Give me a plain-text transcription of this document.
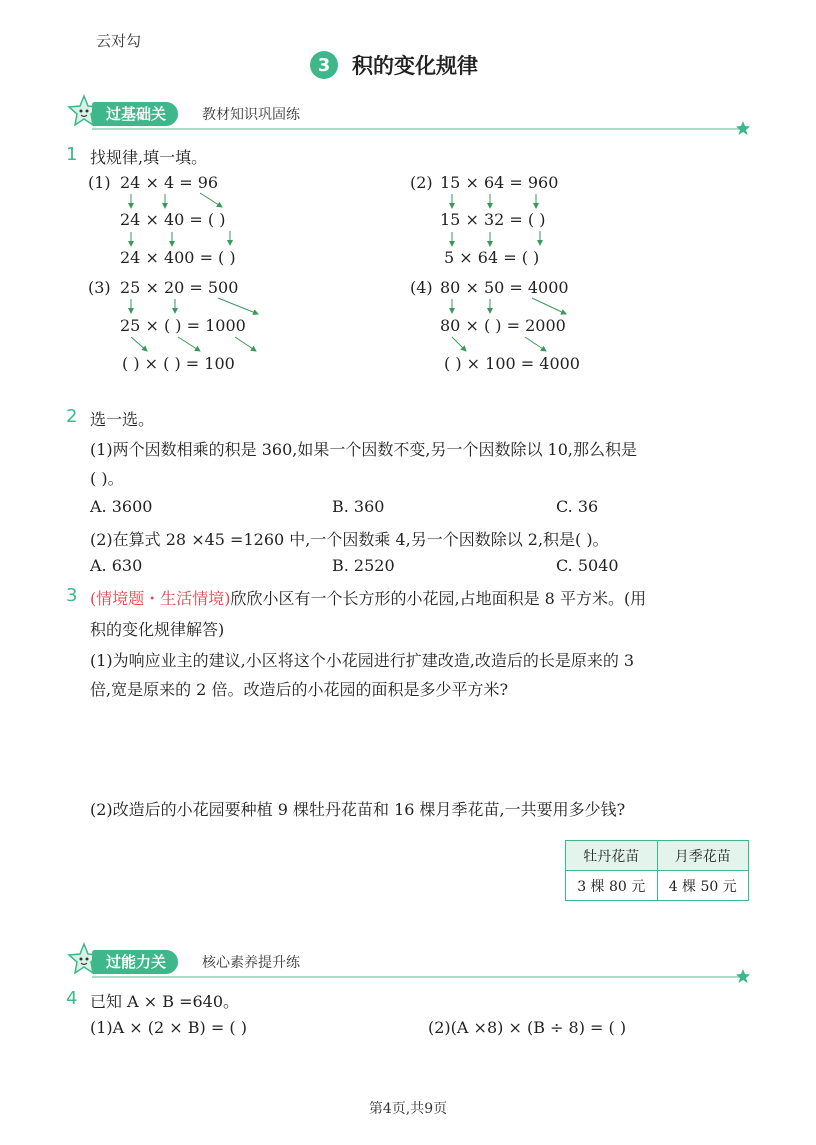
云对勾
3	积的变化规律
过基础关	教材知识巩固练
1 找规律,填一填。
(1) 24 × 4 = 96
24 × 40 = ( )
24 × 400 = ( )
(2) 15 × 64 = 960
15 × 32 = ( )
5 × 64 = ( )
(3) 25 × 20 = 500
25 × ( ) = 1000
( ) × ( ) = 100
(4) 80 × 50 = 4000
80 × ( ) = 2000
( ) × 100 = 4000
2 选一选。
(1)两个因数相乘的积是 360,如果一个因数不变,另一个因数除以 10,那么积是
( )。
A. 3600	B. 360	C. 36
(2)在算式 28 ×45 =1260 中,一个因数乘 4,另一个因数除以 2,积是( )。
A. 630	B. 2520	C. 5040
3 (情境题・生活情境)欣欣小区有一个长方形的小花园,占地面积是 8 平方米。(用
积的变化规律解答)
(1)为响应业主的建议,小区将这个小花园进行扩建改造,改造后的长是原来的 3
倍,宽是原来的 2 倍。改造后的小花园的面积是多少平方米?
(2)改造后的小花园要种植 9 棵牡丹花苗和 16 棵月季花苗,一共要用多少钱?
牡丹花苗	月季花苗
3 棵 80 元	4 棵 50 元
过能力关	核心素养提升练
4 已知 A × B =640。
(1)A × (2 × B) = ( )	(2)(A ×8) × (B ÷ 8) = ( )
第4页,共9页
